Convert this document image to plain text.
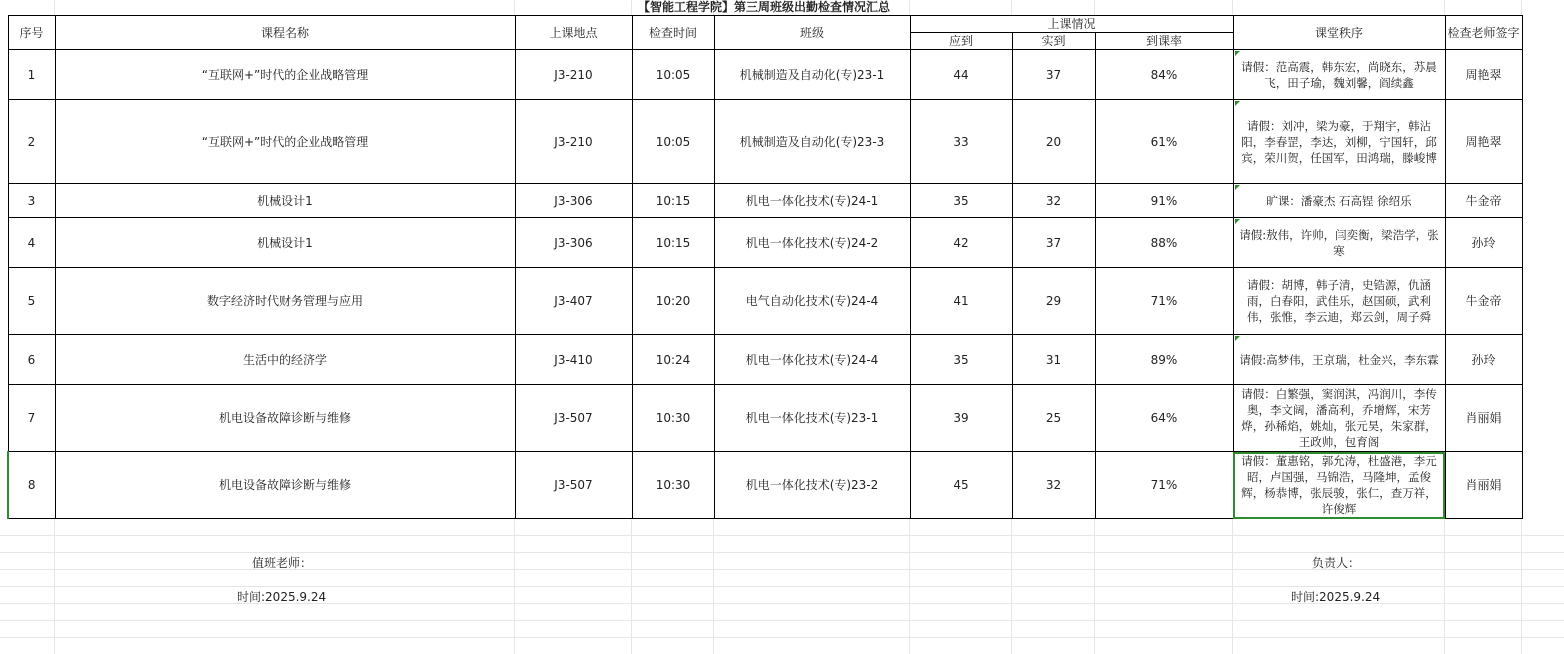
【智能工程学院】第三周班级出勤检查情况汇总
序号	课程名称	上课地点	检查时间	班级	上课情况			课堂秩序	检查老师签字
					应到	实到	到课率		
1	“互联网+”时代的企业战略管理	J3-210	10:05	机械制造及自动化(专)23-1	44	37	84%	请假：范高震，韩东宏，尚晓东，苏晨飞，田子瑜，魏刘馨，阎续鑫	周艳翠
2	“互联网+”时代的企业战略管理	J3-210	10:05	机械制造及自动化(专)23-3	33	20	61%	请假：刘冲，梁为豪，于翔宇，韩沾阳，李春罡，李达，刘柳，宁国轩，邱宾，荣川贺，任国军，田鸿瑞，滕峻博	周艳翠
3	机械设计1	J3-306	10:15	机电一体化技术(专)24-1	35	32	91%	旷课：潘豪杰 石高锃 徐绍乐	牛金帝
4	机械设计1	J3-306	10:15	机电一体化技术(专)24-2	42	37	88%	请假:敖伟，许帅，闫奕衡，梁浩学，张寒	孙玲
5	数字经济时代财务管理与应用	J3-407	10:20	电气自动化技术(专)24-4	41	29	71%	请假：胡博，韩子清，史锆源，仇涵雨，白春阳，武佳乐，赵国硕，武利伟，张惟，李云迪，郑云剑，周子舜	牛金帝
6	生活中的经济学	J3-410	10:24	机电一体化技术(专)24-4	35	31	89%	请假:高梦伟，王京瑞，杜金兴，李东霖	孙玲
7	机电设备故障诊断与维修	J3-507	10:30	机电一体化技术(专)23-1	39	25	64%	请假：白繁强，窦润淇，冯润川，李传奥，李文阔，潘高利，乔增辉，宋芳烨，孙稀焰，姚灿，张元昊，朱家群，王政帅，包育阁	肖丽娟
8	机电设备故障诊断与维修	J3-507	10:30	机电一体化技术(专)23-2	45	32	71%	请假：董惠铭，郭允涛，杜盛港，李元昭，卢国强，马锦浩，马隆坤，孟俊辉，杨恭博，张辰骏，张仁，查万祥，许俊辉	肖丽娟
值班老师：
时间:2025.9.24
负责人：
时间:2025.9.24
